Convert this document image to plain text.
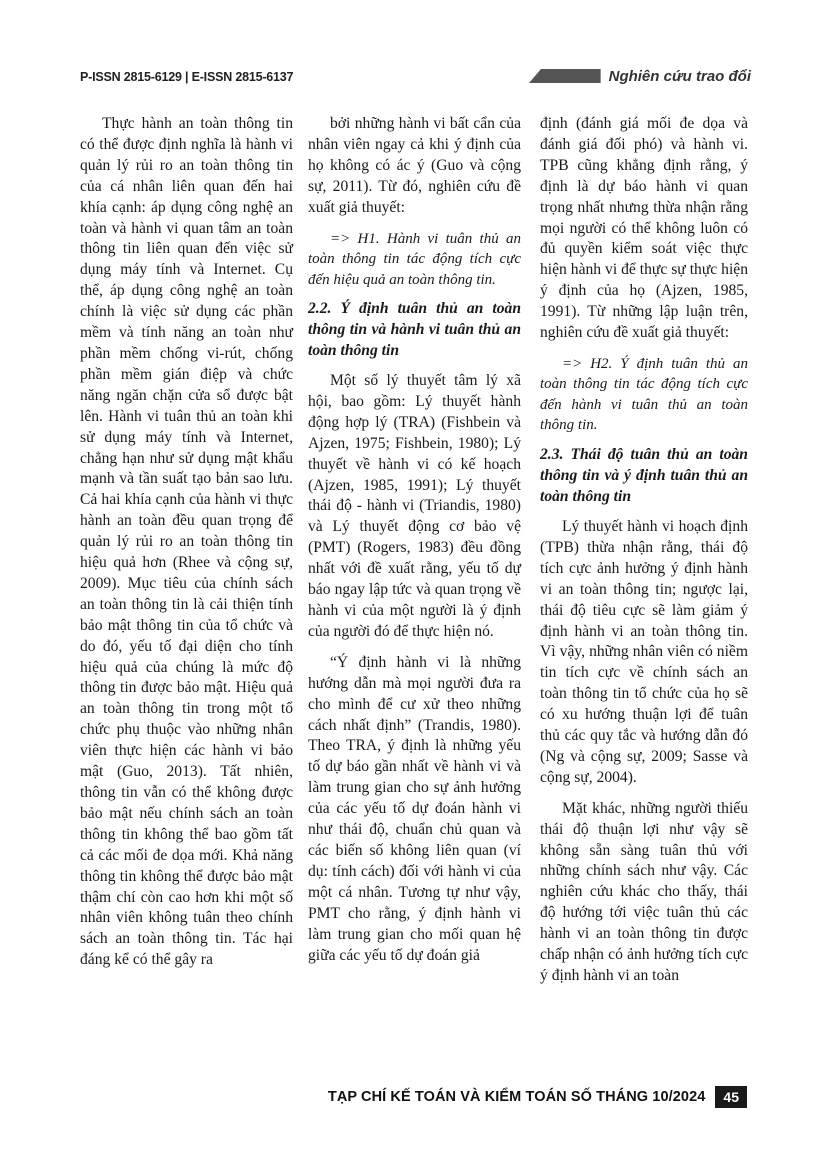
P-ISSN 2815-6129 | E-ISSN 2815-6137	Nghiên cứu trao đổi

Thực hành an toàn thông tin có thể được định nghĩa là hành vi quản lý rủi ro an toàn thông tin của cá nhân liên quan đến hai khía cạnh: áp dụng công nghệ an toàn và hành vi quan tâm an toàn thông tin liên quan đến việc sử dụng máy tính và Internet. Cụ thể, áp dụng công nghệ an toàn chính là việc sử dụng các phần mềm và tính năng an toàn như phần mềm chống vi-rút, chống phần mềm gián điệp và chức năng ngăn chặn cửa sổ được bật lên. Hành vi tuân thủ an toàn khi sử dụng máy tính và Internet, chẳng hạn như sử dụng mật khẩu mạnh và tần suất tạo bản sao lưu. Cả hai khía cạnh của hành vi thực hành an toàn đều quan trọng để quản lý rủi ro an toàn thông tin hiệu quả hơn (Rhee và cộng sự, 2009). Mục tiêu của chính sách an toàn thông tin là cải thiện tính bảo mật thông tin của tổ chức và do đó, yếu tố đại diện cho tính hiệu quả của chúng là mức độ thông tin được bảo mật. Hiệu quả an toàn thông tin trong một tổ chức phụ thuộc vào những nhân viên thực hiện các hành vi bảo mật (Guo, 2013). Tất nhiên, thông tin vẫn có thể không được bảo mật nếu chính sách an toàn thông tin không thể bao gồm tất cả các mối đe dọa mới. Khả năng thông tin không thể được bảo mật thậm chí còn cao hơn khi một số nhân viên không tuân theo chính sách an toàn thông tin. Tác hại đáng kể có thể gây ra

bởi những hành vi bất cẩn của nhân viên ngay cả khi ý định của họ không có ác ý (Guo và cộng sự, 2011). Từ đó, nghiên cứu đề xuất giả thuyết:

=> H1. Hành vi tuân thủ an toàn thông tin tác động tích cực đến hiệu quả an toàn thông tin.

2.2. Ý định tuân thủ an toàn thông tin và hành vi tuân thủ an toàn thông tin

Một số lý thuyết tâm lý xã hội, bao gồm: Lý thuyết hành động hợp lý (TRA) (Fishbein và Ajzen, 1975; Fishbein, 1980); Lý thuyết về hành vi có kế hoạch (Ajzen, 1985, 1991); Lý thuyết thái độ - hành vi (Triandis, 1980) và Lý thuyết động cơ bảo vệ (PMT) (Rogers, 1983) đều đồng nhất với đề xuất rằng, yếu tố dự báo ngay lập tức và quan trọng về hành vi của một người là ý định của người đó để thực hiện nó.

“Ý định hành vi là những hướng dẫn mà mọi người đưa ra cho mình để cư xử theo những cách nhất định” (Trandis, 1980). Theo TRA, ý định là những yếu tố dự báo gần nhất về hành vi và làm trung gian cho sự ảnh hưởng của các yếu tố dự đoán hành vi như thái độ, chuẩn chủ quan và các biến số không liên quan (ví dụ: tính cách) đối với hành vi của một cá nhân. Tương tự như vậy, PMT cho rằng, ý định hành vi làm trung gian cho mối quan hệ giữa các yếu tố dự đoán giả

định (đánh giá mối đe dọa và đánh giá đối phó) và hành vi. TPB cũng khẳng định rằng, ý định là dự báo hành vi quan trọng nhất nhưng thừa nhận rằng mọi người có thể không luôn có đủ quyền kiểm soát việc thực hiện hành vi để thực sự thực hiện ý định của họ (Ajzen, 1985, 1991). Từ những lập luận trên, nghiên cứu đề xuất giả thuyết:

=> H2. Ý định tuân thủ an toàn thông tin tác động tích cực đến hành vi tuân thủ an toàn thông tin.

2.3. Thái độ tuân thủ an toàn thông tin và ý định tuân thủ an toàn thông tin

Lý thuyết hành vi hoạch định (TPB) thừa nhận rằng, thái độ tích cực ảnh hưởng ý định hành vi an toàn thông tin; ngược lại, thái độ tiêu cực sẽ làm giảm ý định hành vi an toàn thông tin. Vì vậy, những nhân viên có niềm tin tích cực về chính sách an toàn thông tin tổ chức của họ sẽ có xu hướng thuận lợi để tuân thủ các quy tắc và hướng dẫn đó (Ng và cộng sự, 2009; Sasse và cộng sự, 2004).

Mặt khác, những người thiếu thái độ thuận lợi như vậy sẽ không sẵn sàng tuân thủ với những chính sách như vậy. Các nghiên cứu khác cho thấy, thái độ hướng tới việc tuân thủ các hành vi an toàn thông tin được chấp nhận có ảnh hưởng tích cực ý định hành vi an toàn

TẠP CHÍ KẾ TOÁN VÀ KIỂM TOÁN SỐ THÁNG 10/2024	45
